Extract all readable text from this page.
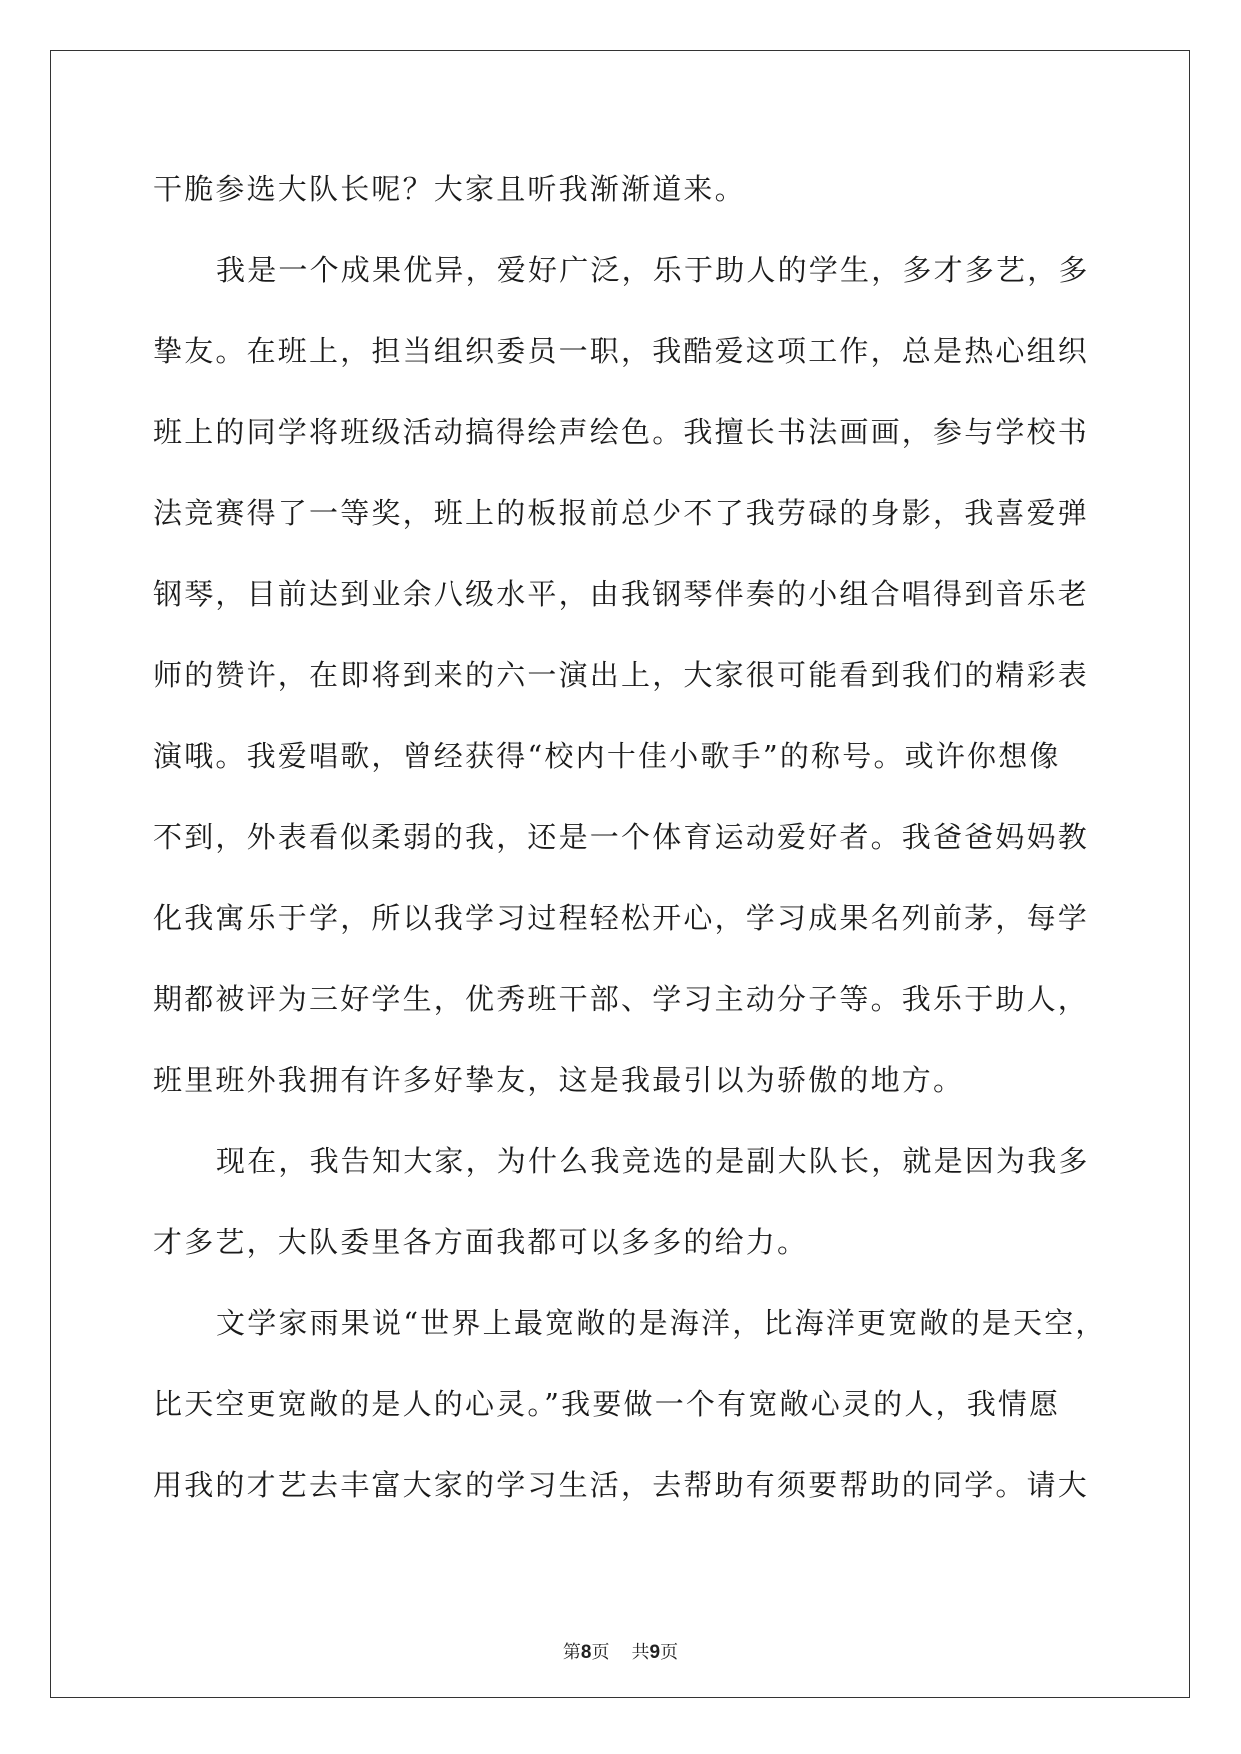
干脆参选大队长呢？大家且听我渐渐道来。
我是一个成果优异，爱好广泛，乐于助人的学生，多才多艺，多
挚友。在班上，担当组织委员一职，我酷爱这项工作，总是热心组织
班上的同学将班级活动搞得绘声绘色。我擅长书法画画，参与学校书
法竞赛得了一等奖，班上的板报前总少不了我劳碌的身影，我喜爱弹
钢琴，目前达到业余八级水平，由我钢琴伴奏的小组合唱得到音乐老
师的赞许，在即将到来的六一演出上，大家很可能看到我们的精彩表
演哦。我爱唱歌，曾经获得“校内十佳小歌手”的称号。或许你想像
不到，外表看似柔弱的我，还是一个体育运动爱好者。我爸爸妈妈教
化我寓乐于学，所以我学习过程轻松开心，学习成果名列前茅，每学
期都被评为三好学生，优秀班干部、学习主动分子等。我乐于助人，
班里班外我拥有许多好挚友，这是我最引以为骄傲的地方。
现在，我告知大家，为什么我竞选的是副大队长，就是因为我多
才多艺，大队委里各方面我都可以多多的给力。
文学家雨果说“世界上最宽敞的是海洋，比海洋更宽敞的是天空，
比天空更宽敞的是人的心灵。”我要做一个有宽敞心灵的人，我情愿
用我的才艺去丰富大家的学习生活，去帮助有须要帮助的同学。请大
第8页 共9页
